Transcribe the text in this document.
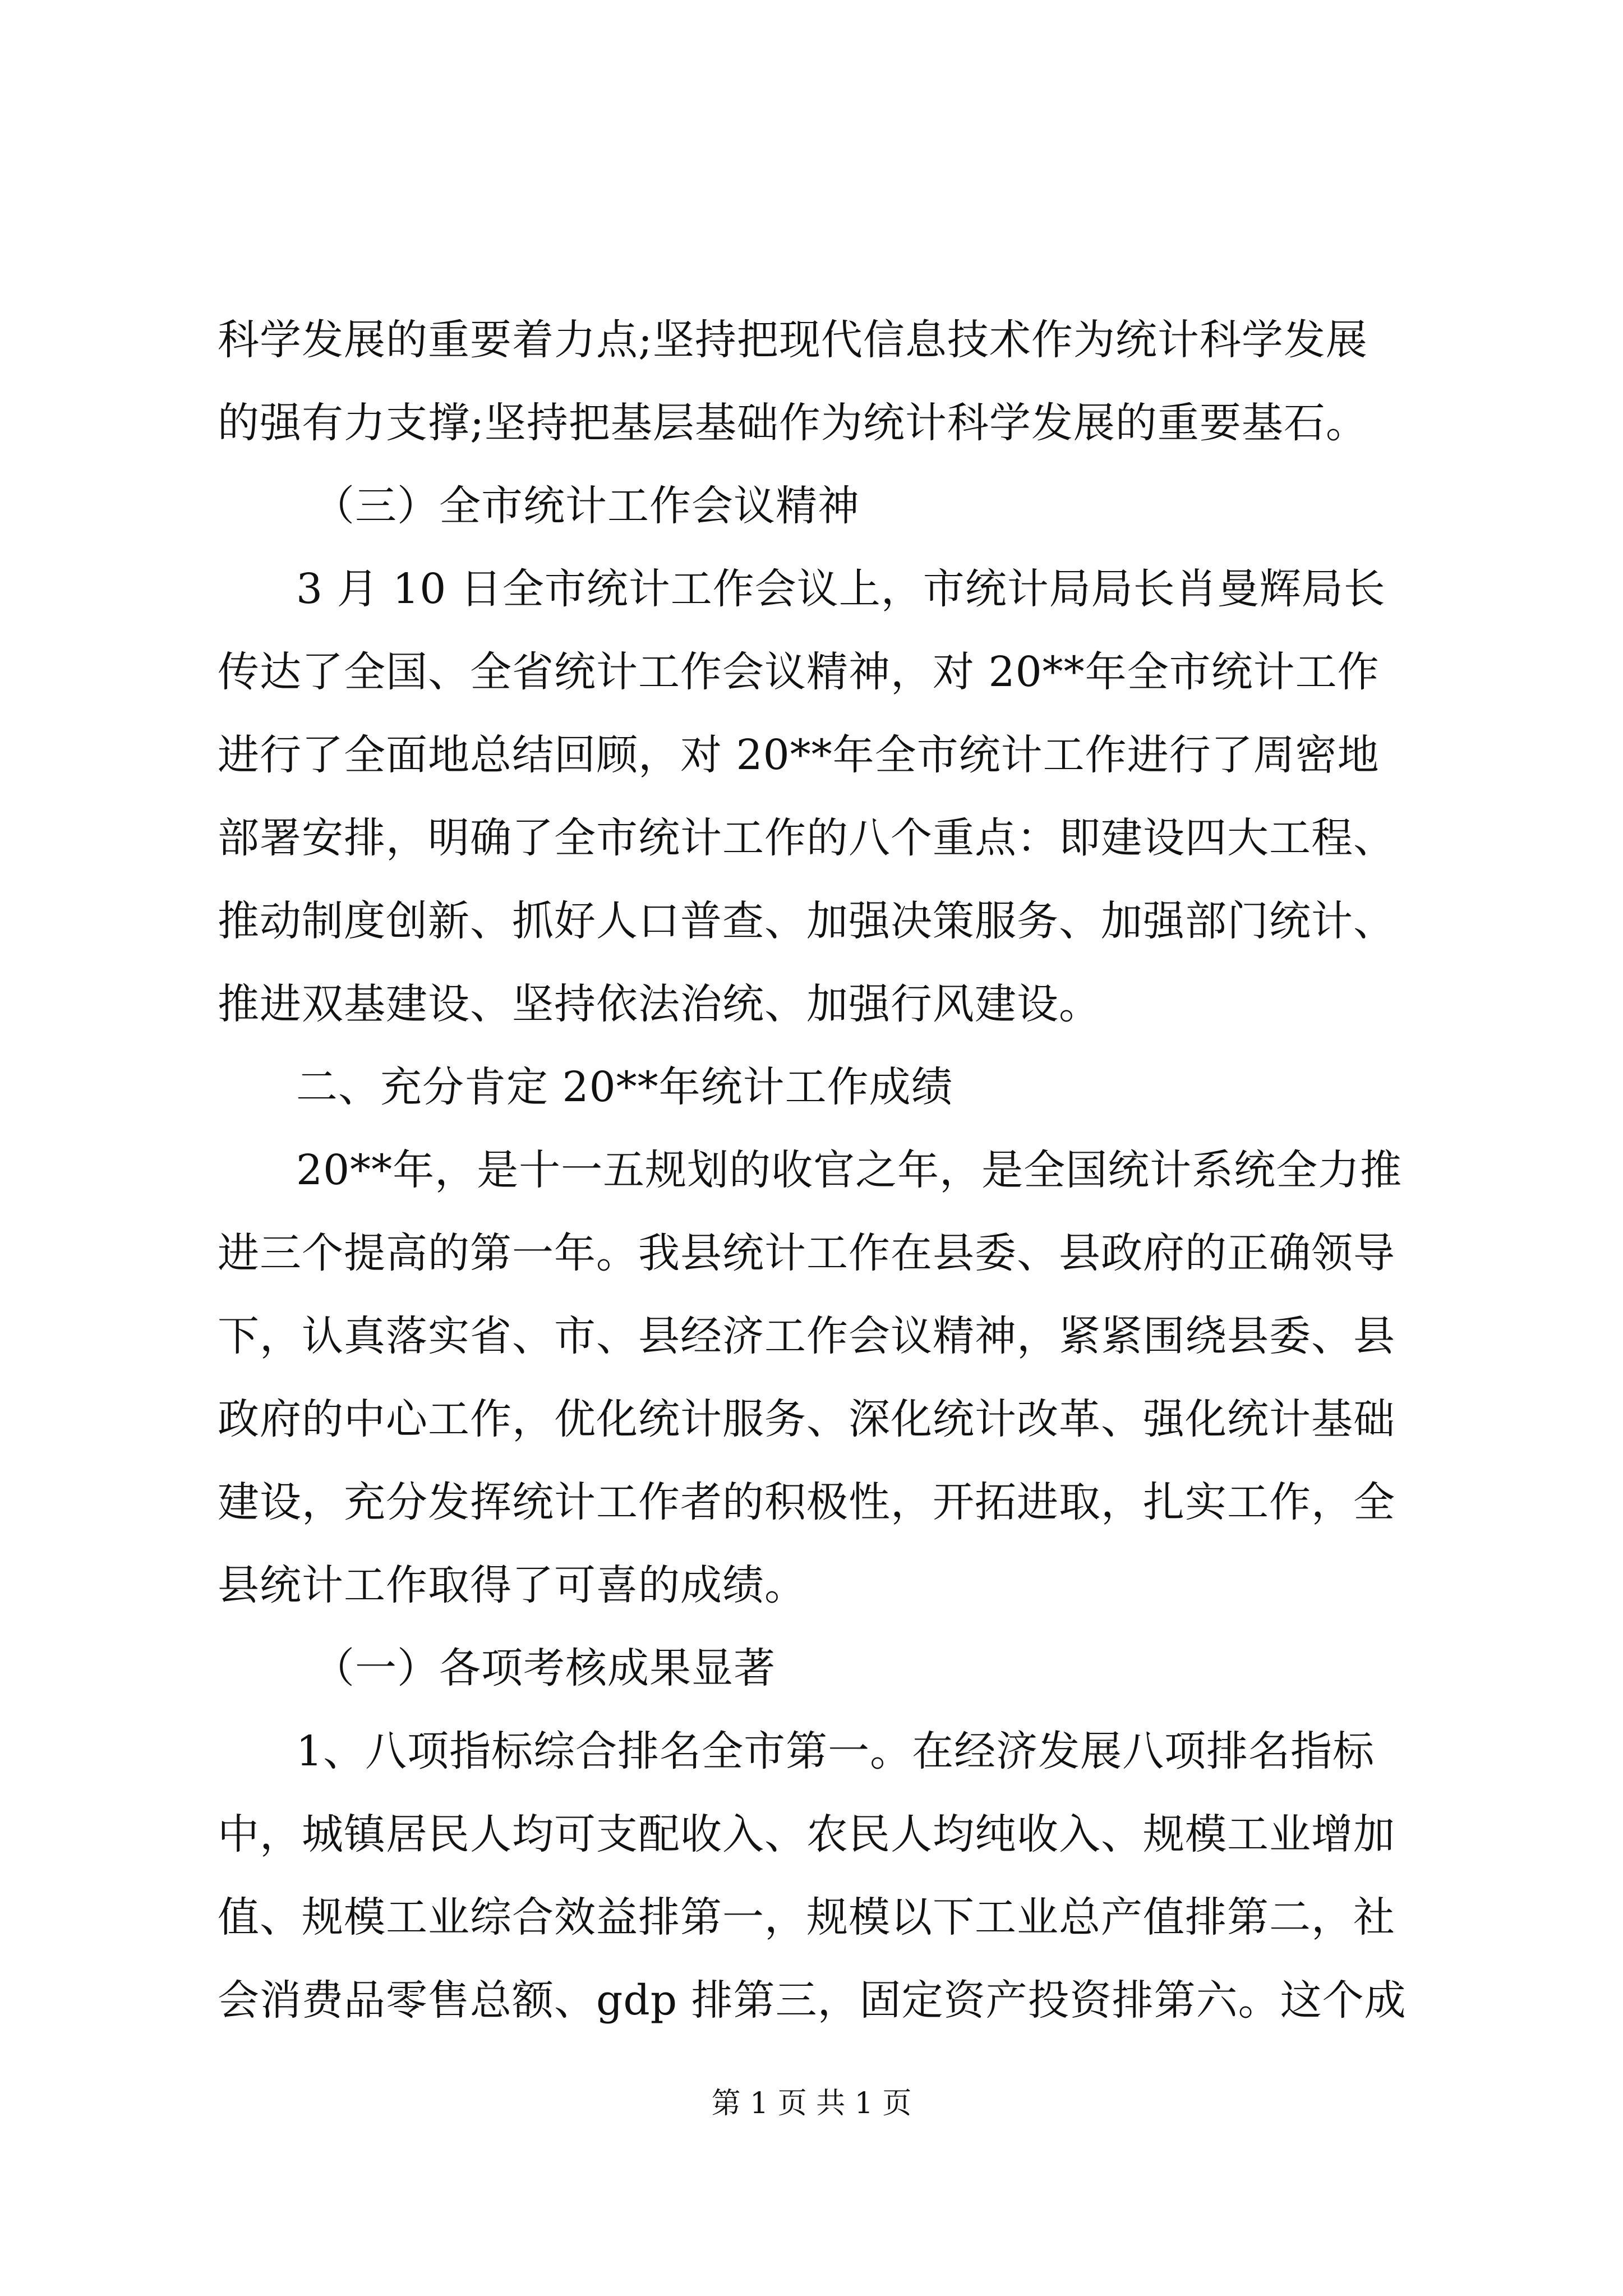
科学发展的重要着力点;坚持把现代信息技术作为统计科学发展
的强有力支撑;坚持把基层基础作为统计科学发展的重要基石。
（三）全市统计工作会议精神
3 月 10 日全市统计工作会议上，市统计局局长肖曼辉局长
传达了全国、全省统计工作会议精神，对 20**年全市统计工作
进行了全面地总结回顾，对 20**年全市统计工作进行了周密地
部署安排，明确了全市统计工作的八个重点：即建设四大工程、
推动制度创新、抓好人口普查、加强决策服务、加强部门统计、
推进双基建设、坚持依法治统、加强行风建设。
二、充分肯定 20**年统计工作成绩
20**年，是十一五规划的收官之年，是全国统计系统全力推
进三个提高的第一年。我县统计工作在县委、县政府的正确领导
下，认真落实省、市、县经济工作会议精神，紧紧围绕县委、县
政府的中心工作，优化统计服务、深化统计改革、强化统计基础
建设，充分发挥统计工作者的积极性，开拓进取，扎实工作，全
县统计工作取得了可喜的成绩。
（一）各项考核成果显著
1、八项指标综合排名全市第一。在经济发展八项排名指标
中，城镇居民人均可支配收入、农民人均纯收入、规模工业增加
值、规模工业综合效益排第一，规模以下工业总产值排第二，社
会消费品零售总额、gdp 排第三，固定资产投资排第六。这个成
第 1 页 共 1 页
